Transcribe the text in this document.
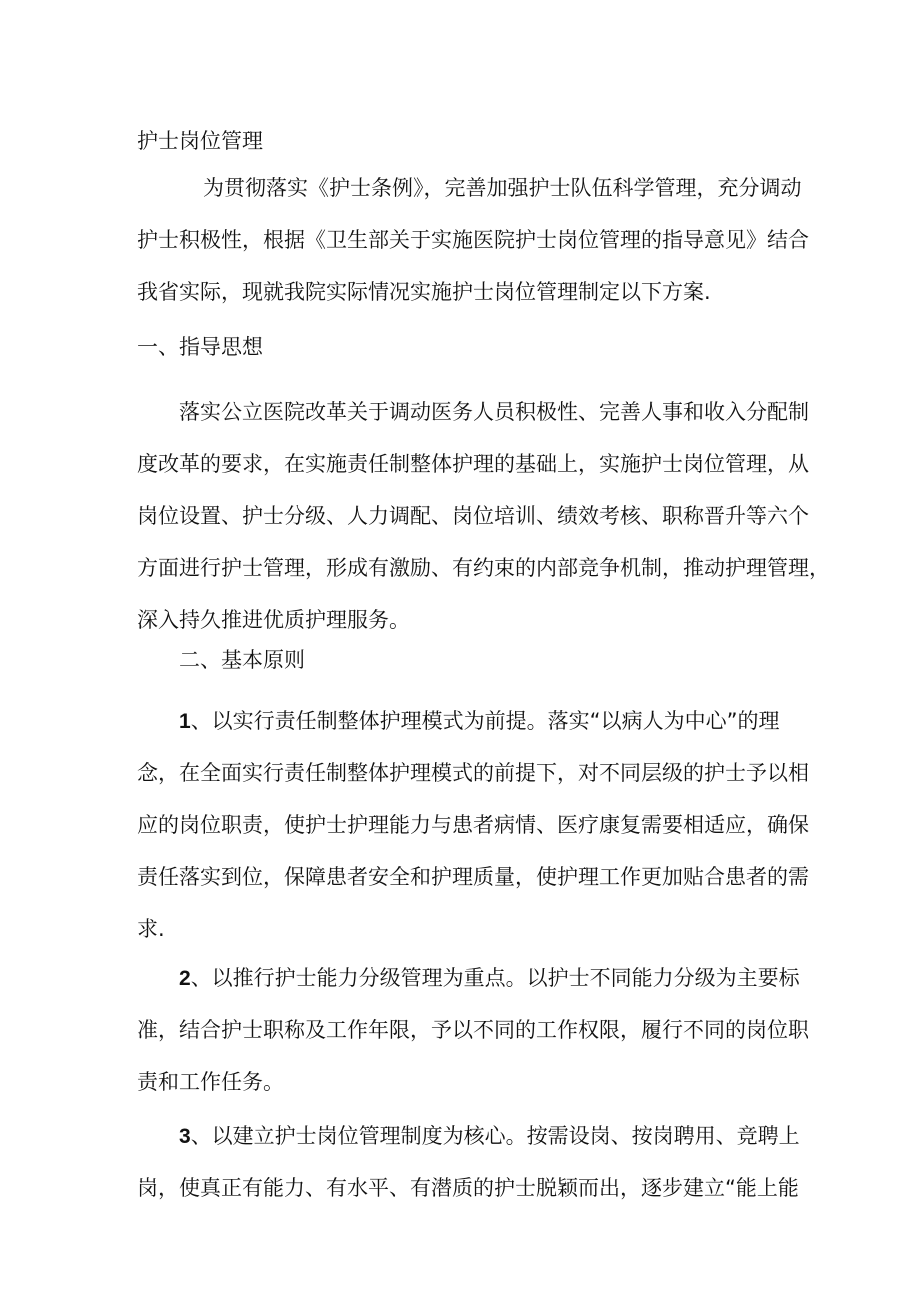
护士岗位管理
为贯彻落实《护士条例》，完善加强护士队伍科学管理，充分调动
护士积极性，根据《卫生部关于实施医院护士岗位管理的指导意见》结合
我省实际，现就我院实际情况实施护士岗位管理制定以下方案.
一、指导思想
落实公立医院改革关于调动医务人员积极性、完善人事和收入分配制
度改革的要求，在实施责任制整体护理的基础上，实施护士岗位管理，从
岗位设置、护士分级、人力调配、岗位培训、绩效考核、职称晋升等六个
方面进行护士管理，形成有激励、有约束的内部竞争机制，推动护理管理，
深入持久推进优质护理服务。
二、基本原则
1、以实行责任制整体护理模式为前提。落实“以病人为中心”的理
念，在全面实行责任制整体护理模式的前提下，对不同层级的护士予以相
应的岗位职责，使护士护理能力与患者病情、医疗康复需要相适应，确保
责任落实到位，保障患者安全和护理质量，使护理工作更加贴合患者的需
求.
2、以推行护士能力分级管理为重点。以护士不同能力分级为主要标
准，结合护士职称及工作年限，予以不同的工作权限，履行不同的岗位职
责和工作任务。
3、以建立护士岗位管理制度为核心。按需设岗、按岗聘用、竞聘上
岗，使真正有能力、有水平、有潜质的护士脱颖而出，逐步建立“能上能
